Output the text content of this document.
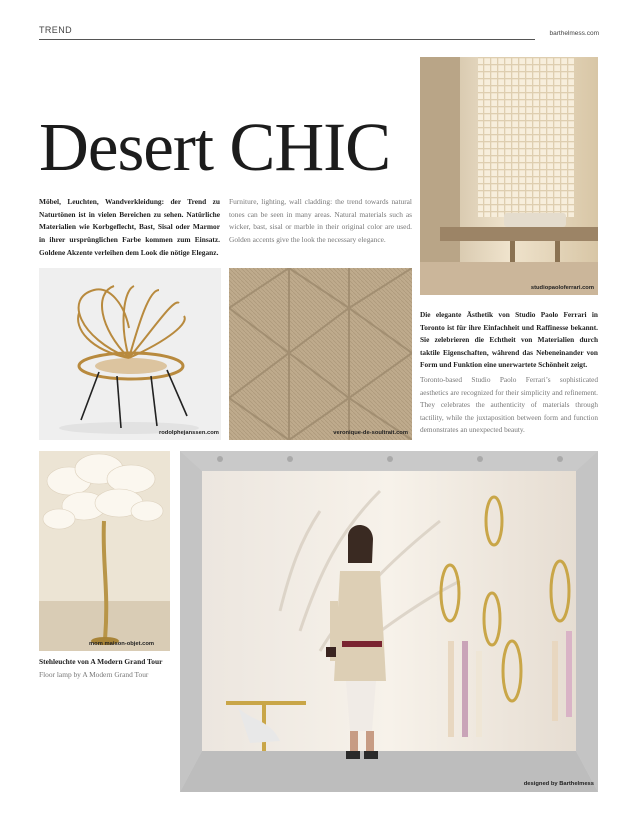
TREND	barthelmess.com
Desert CHIC
Möbel, Leuchten, Wandverkleidung: der Trend zu Naturtönen ist in vielen Bereichen zu sehen. Natürliche Materialien wie Korbgeflecht, Bast, Sisal oder Marmor in ihrer ursprünglichen Farbe kommen zum Einsatz. Goldene Akzente verleihen dem Look die nötige Eleganz.
Furniture, lighting, wall cladding: the trend towards natural tones can be seen in many areas. Natural materials such as wicker, bast, sisal or marble in their original color are used. Golden accents give the look the necessary elegance.
studiopaoloferrari.com
rodolphejanssen.com	veronique-de-soultrait.com
Die elegante Ästhetik von Studio Paolo Ferrari in Toronto ist für ihre Einfachheit und Raffinesse bekannt. Sie zelebrieren die Echtheit von Materialien durch taktile Eigenschaften, während das Nebeneinander von Form und Funktion eine unerwartete Schönheit zeigt.
Toronto-based Studio Paolo Ferrari’s sophisticated aesthetics are recognized for their simplicity and refinement. They celebrates the authenticity of materials through tactility, while the juxtaposition between form and function demonstrates an unexpected beauty.
mom maison-objet.com
Stehleuchte von A Modern Grand Tour
Floor lamp by A Modern Grand Tour
designed by Barthelmess
